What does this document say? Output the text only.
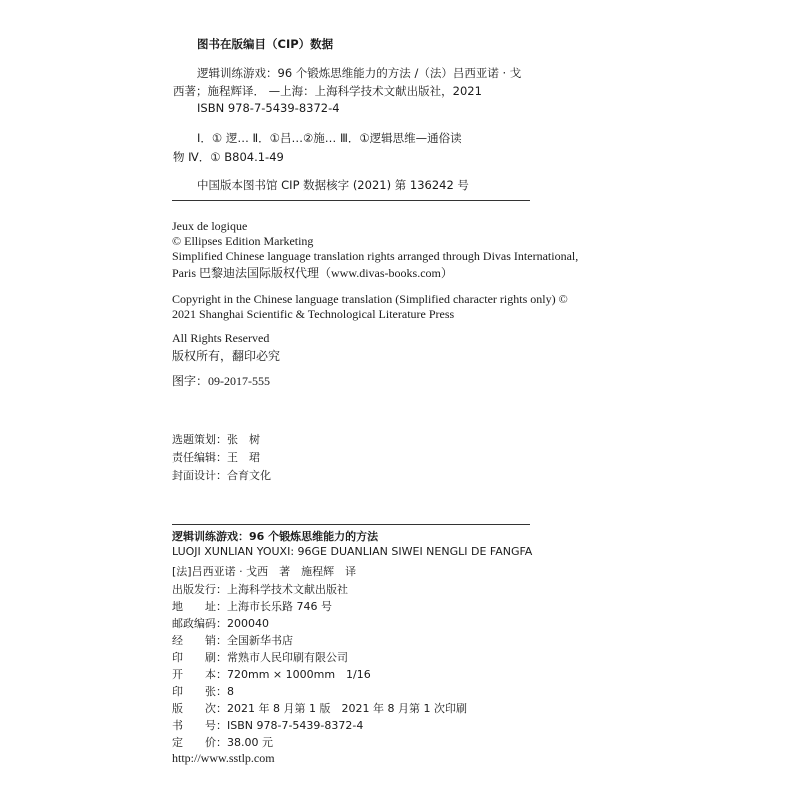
图书在版编目（CIP）数据
逻辑训练游戏：96 个锻炼思维能力的方法 /（法）吕西亚诺 · 戈
西著；施程辉译． —上海：上海科学技术文献出版社，2021
ISBN 978-7-5439-8372-4
Ⅰ．① 逻… Ⅱ．①吕…②施… Ⅲ．①逻辑思维—通俗读
物 Ⅳ．① B804.1-49
中国版本图书馆 CIP 数据核字 (2021) 第 136242 号
Jeux de logique
© Ellipses Edition Marketing
Simplified Chinese language translation rights arranged through Divas International,
Paris 巴黎迪法国际版权代理（www.divas-books.com）
Copyright in the Chinese language translation (Simplified character rights only) ©
2021 Shanghai Scientific & Technological Literature Press
All Rights Reserved
版权所有，翻印必究
图字：09-2017-555
选题策划：张　树
责任编辑：王　珺
封面设计：合育文化
逻辑训练游戏：96 个锻炼思维能力的方法
LUOJI XUNLIAN YOUXI: 96GE DUANLIAN SIWEI NENGLI DE FANGFA
[法]吕西亚诺 · 戈西　著　施程辉　译
出版发行：上海科学技术文献出版社
地　　址：上海市长乐路 746 号
邮政编码：200040
经　　销：全国新华书店
印　　刷：常熟市人民印刷有限公司
开　　本：720mm × 1000mm　1/16
印　　张：8
版　　次：2021 年 8 月第 1 版　2021 年 8 月第 1 次印刷
书　　号：ISBN 978-7-5439-8372-4
定　　价：38.00 元
http://www.sstlp.com
